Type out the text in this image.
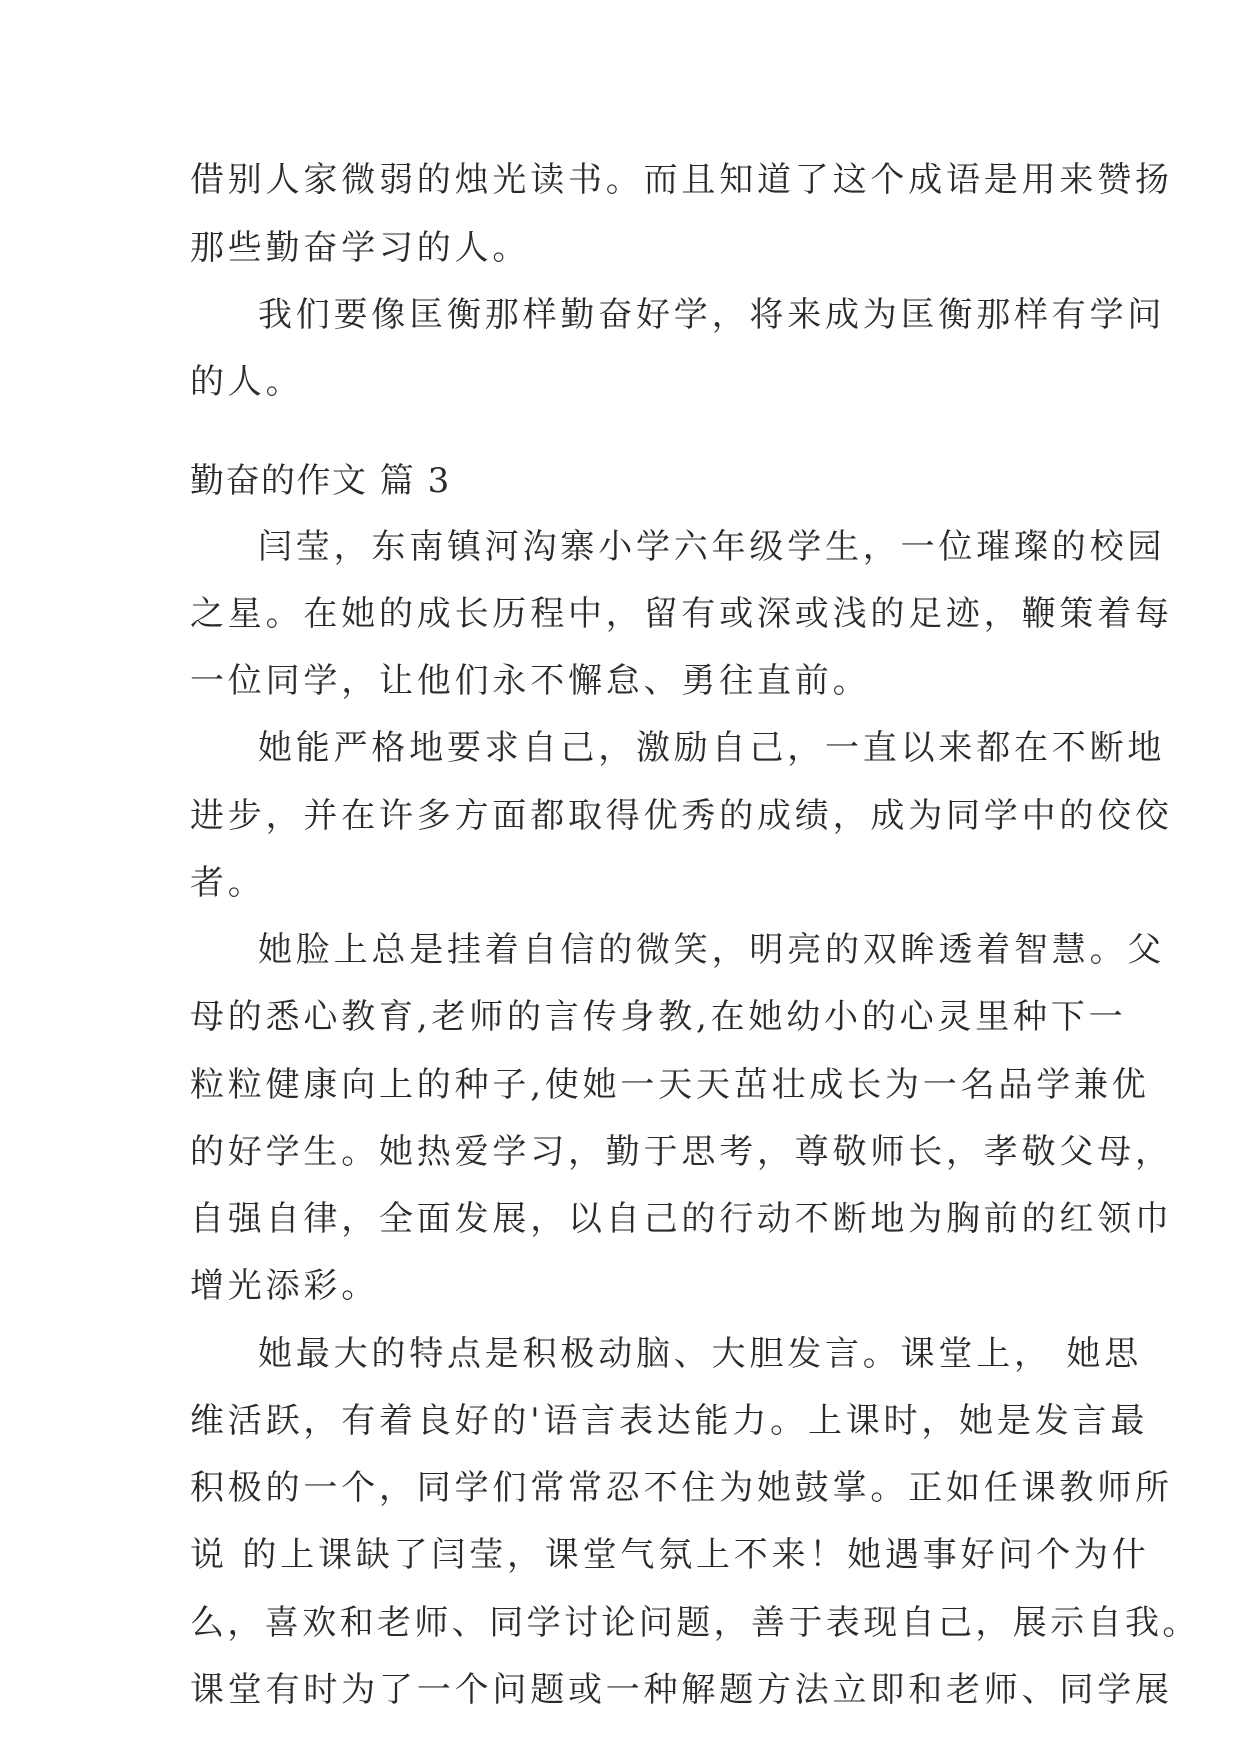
借别人家微弱的烛光读书。而且知道了这个成语是用来赞扬
那些勤奋学习的人。
我们要像匡衡那样勤奋好学，将来成为匡衡那样有学问
的人。
勤奋的作文 篇 3
闫莹，东南镇河沟寨小学六年级学生，一位璀璨的校园
之星。在她的成长历程中，留有或深或浅的足迹，鞭策着每
一位同学，让他们永不懈怠、勇往直前。
她能严格地要求自己，激励自己，一直以来都在不断地
进步，并在许多方面都取得优秀的成绩，成为同学中的佼佼
者。
她脸上总是挂着自信的微笑，明亮的双眸透着智慧。父
母的悉心教育,老师的言传身教,在她幼小的心灵里种下一
粒粒健康向上的种子,使她一天天茁壮成长为一名品学兼优
的好学生。她热爱学习，勤于思考，尊敬师长，孝敬父母，
自强自律，全面发展，以自己的行动不断地为胸前的红领巾
增光添彩。
她最大的特点是积极动脑、大胆发言。课堂上， 她思
维活跃，有着良好的'语言表达能力。上课时，她是发言最
积极的一个，同学们常常忍不住为她鼓掌。正如任课教师所
说 的上课缺了闫莹，课堂气氛上不来！她遇事好问个为什
么，喜欢和老师、同学讨论问题，善于表现自己，展示自我。
课堂有时为了一个问题或一种解题方法立即和老师、同学展
